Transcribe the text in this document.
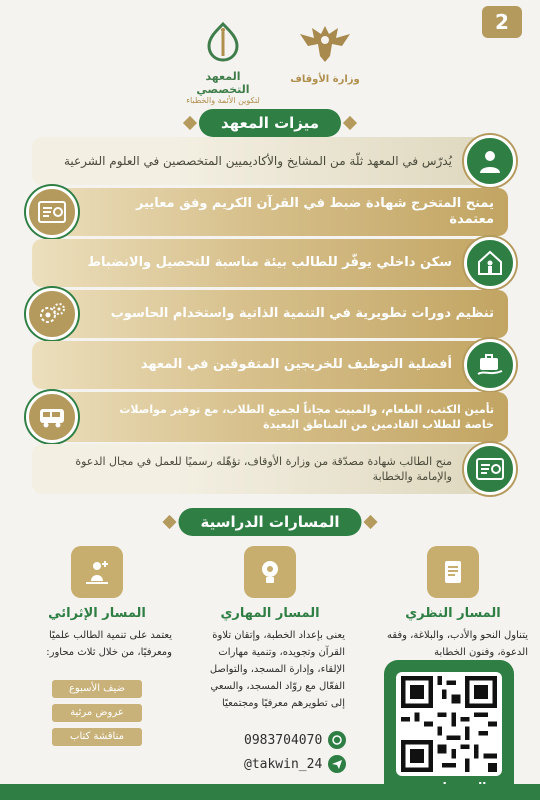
2
وزارة الأوقاف
المعهد التخصصي
لتكوين الأئمة والخطباء
ميزات المعهد
يُدرّس في المعهد ثلّة من المشايخ والأكاديميين المتخصصين في العلوم الشرعية
يمنح المتخرج شهادة ضبط في القرآن الكريم وفق معايير معتمدة
سكن داخلي يوفّر للطالب بيئة مناسبة للتحصيل والانضباط
تنظيم دورات تطويرية في التنمية الذاتية واستخدام الحاسوب
أفضلية التوظيف للخريجين المتفوقين في المعهد
تأمين الكتب، الطعام، والمبيت مجاناً لجميع الطلاب، مع توفير مواصلات خاصة للطلاب القادمين من المناطق البعيدة
منح الطالب شهادة مصدّقة من وزارة الأوقاف، تؤهّله رسميًا للعمل في مجال الدعوة والإمامة والخطابة
المسارات الدراسية
المسار النظري
يتناول النحو والأدب، والبلاغة، وفقه الدعوة، وفنون الخطابة
المسار المهاري
يعنى بإعداد الخطبة، وإتقان تلاوة القرآن وتجويده، وتنمية مهارات الإلقاء، وإدارة المسجد، والتواصل الفعّال مع روّاد المسجد، والسعي إلى تطويرهم معرفيًا ومجتمعيًا
المسار الإثرائي
يعتمد على تنمية الطالب علميًا ومعرفيًا، من خلال ثلاث محاور:
ضيف الأسبوع
عروض مرئية
مناقشة كتاب	0983704070
@takwin_24
